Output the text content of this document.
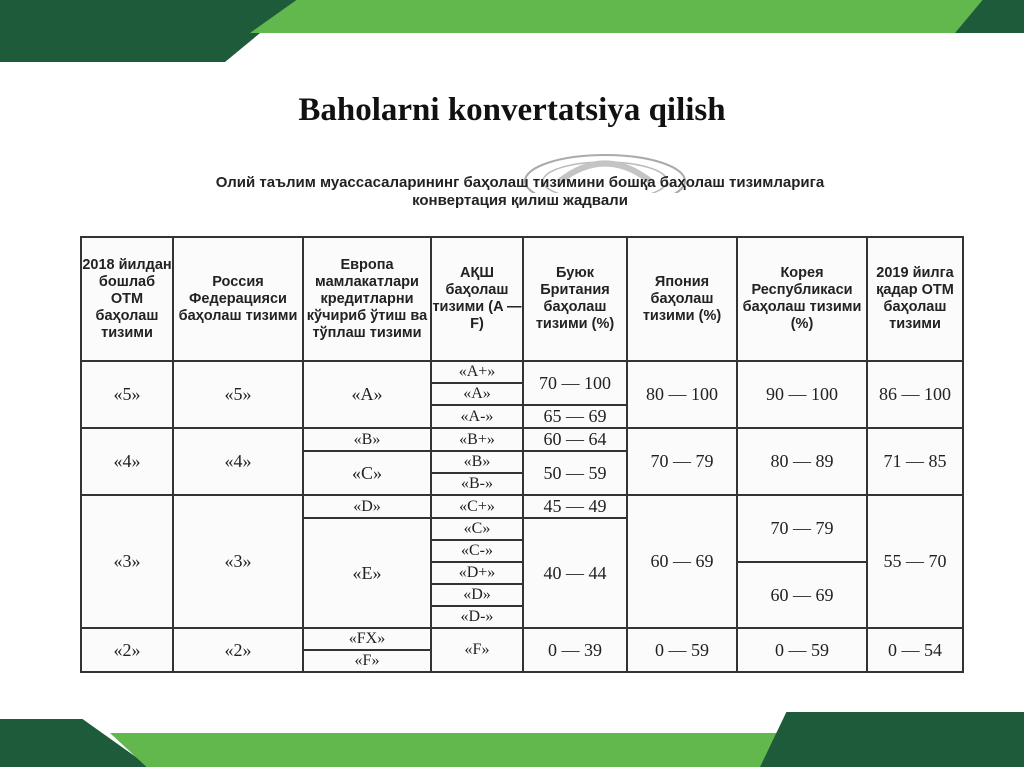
Baholarni konvertatsiya qilish
Олий таълим муассасаларининг баҳолаш тизимини бошқа баҳолаш тизимларига
конвертация қилиш жадвали
2018 йилдан бошлаб ОТМ баҳолаш тизими	Россия Федерацияси баҳолаш тизими	Европа мамлакатлари кредитларни кўчириб ўтиш ва тўплаш тизими	АҚШ баҳолаш тизими (A — F)	Буюк Британия баҳолаш тизими (%)	Япония баҳолаш тизими (%)	Корея Республикаси баҳолаш тизими (%)	2019 йилга қадар ОТМ баҳолаш тизими
«5»	«5»	«A»	«A+»	70 — 100	80 — 100	90 — 100	86 — 100
			«A»				
			«A-»	65 — 69			
«4»	«4»	«B»	«B+»	60 — 64	70 — 79	80 — 89	71 — 85
		«C»	«B»	50 — 59			
			«B-»				
«3»	«3»	«D»	«C+»	45 — 49	60 — 69	70 — 79	55 — 70
		«E»	«C»	40 — 44			
			«C-»				
			«D+»			60 — 69	
			«D»				
			«D-»				
«2»	«2»	«FX»	«F»	0 — 39	0 — 59	0 — 59	0 — 54
		«F»					
